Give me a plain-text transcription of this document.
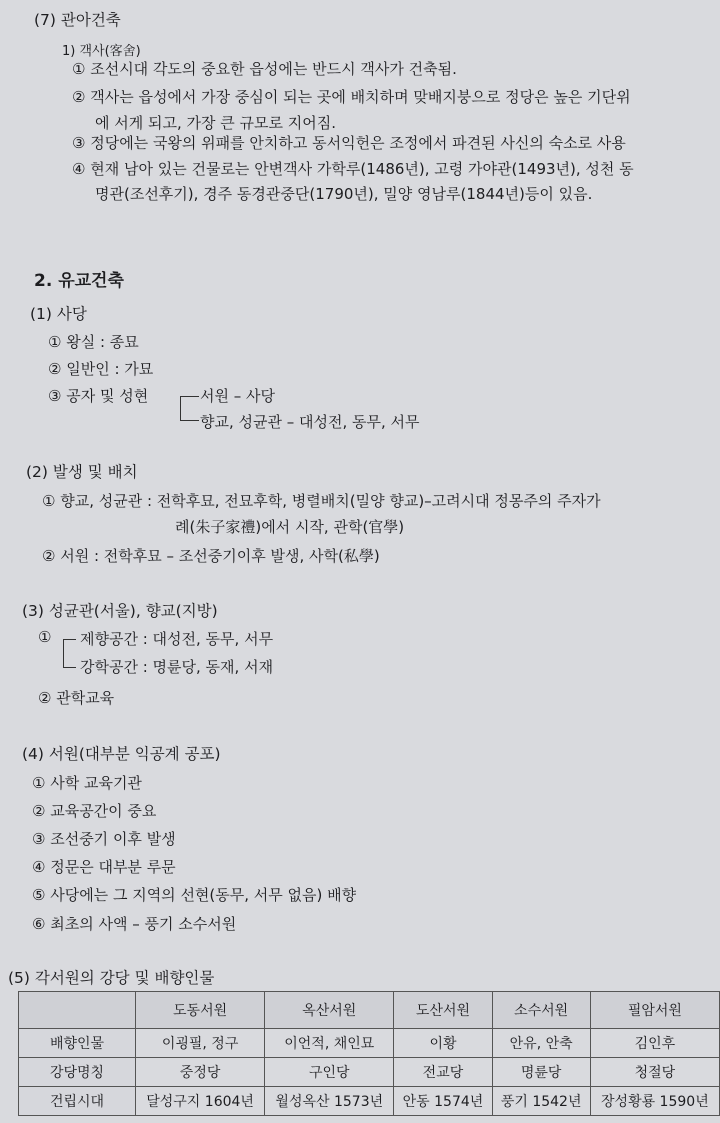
(7) 관아건축
1) 객사(客舍)
① 조선시대 각도의 중요한 읍성에는 반드시 객사가 건축됨.
② 객사는 읍성에서 가장 중심이 되는 곳에 배치하며 맞배지붕으로 정당은 높은 기단위
에 서게 되고, 가장 큰 규모로 지어짐.
③ 정당에는 국왕의 위패를 안치하고 동서익헌은 조정에서 파견된 사신의 숙소로 사용
④ 현재 남아 있는 건물로는 안변객사 가학루(1486년), 고령 가야관(1493년), 성천 동
명관(조선후기), 경주 동경관중단(1790년), 밀양 영남루(1844년)등이 있음.
2. 유교건축
(1) 사당
① 왕실 : 종묘
② 일반인 : 가묘
③ 공자 및 성현	서원 – 사당
향교, 성균관 – 대성전, 동무, 서무
(2) 발생 및 배치
① 향교, 성균관 : 전학후묘, 전묘후학, 병렬배치(밀양 향교)–고려시대 정몽주의 주자가
례(朱子家禮)에서 시작, 관학(官學)
② 서원 : 전학후묘 – 조선중기이후 발생, 사학(私學)
(3) 성균관(서울), 향교(지방)
① 제향공간 : 대성전, 동무, 서무
강학공간 : 명륜당, 동재, 서재
② 관학교육
(4) 서원(대부분 익공계 공포)
① 사학 교육기관
② 교육공간이 중요
③ 조선중기 이후 발생
④ 정문은 대부분 루문
⑤ 사당에는 그 지역의 선현(동무, 서무 없음) 배향
⑥ 최초의 사액 – 풍기 소수서원
(5) 각서원의 강당 및 배향인물
	도동서원	옥산서원	도산서원	소수서원	필암서원
배향인물	이굉필, 정구	이언적, 채인묘	이황	안유, 안축	김인후
강당명칭	중정당	구인당	전교당	명륜당	청절당
건립시대	달성구지 1604년	월성옥산 1573년	안동 1574년	풍기 1542년	장성황룡 1590년
